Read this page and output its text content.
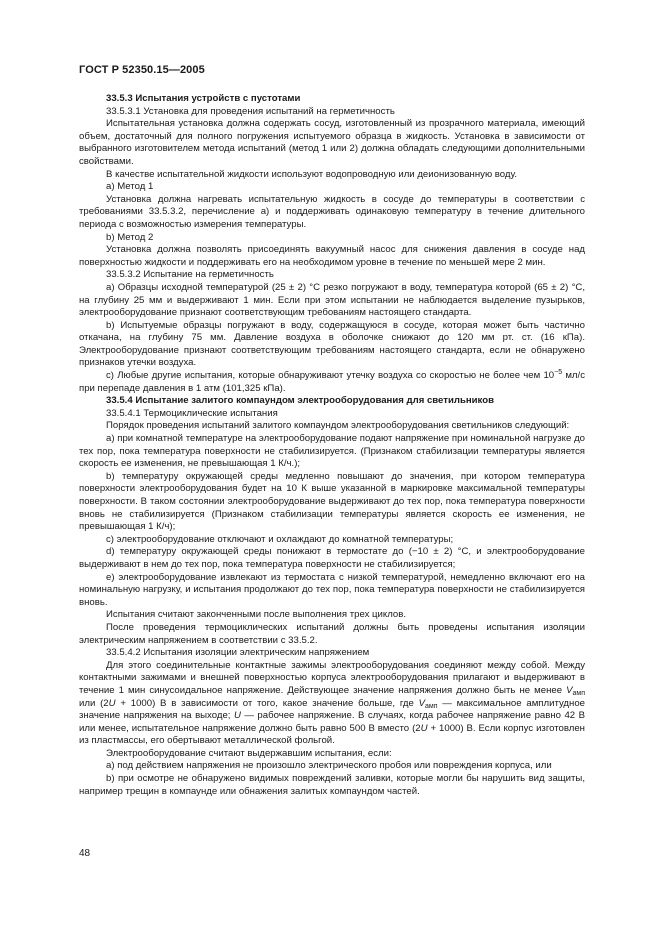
ГОСТ Р 52350.15—2005

33.5.3 Испытания устройств с пустотами

33.5.3.1 Установка для проведения испытаний на герметичность

Испытательная установка должна содержать сосуд, изготовленный из прозрачного материала, имеющий объем, достаточный для полного погружения испытуемого образца в жидкость. Установка в зависимости от выбранного изготовителем метода испытаний (метод 1 или 2) должна обладать следующими дополнительными свойствами.

В качестве испытательной жидкости используют водопроводную или деионизованную воду.

а) Метод 1

Установка должна нагревать испытательную жидкость в сосуде до температуры в соответствии с требованиями 33.5.3.2, перечисление а) и поддерживать одинаковую температуру в течение длительного периода с возможностью измерения температуры.

b) Метод 2

Установка должна позволять присоединять вакуумный насос для снижения давления в сосуде над поверхностью жидкости и поддерживать его на необходимом уровне в течение по меньшей мере 2 мин.

33.5.3.2 Испытание на герметичность

a) Образцы исходной температурой (25 ± 2) °С резко погружают в воду, температура которой (65 ± 2) °С, на глубину 25 мм и выдерживают 1 мин. Если при этом испытании не наблюдается выделение пузырьков, электрооборудование признают соответствующим требованиям настоящего стандарта.

b) Испытуемые образцы погружают в воду, содержащуюся в сосуде, которая может быть частично откачана, на глубину 75 мм. Давление воздуха в оболочке снижают до 120 мм рт. ст. (16 кПа). Электрооборудование признают соответствующим требованиям настоящего стандарта, если не обнаружено признаков утечки воздуха.

c) Любые другие испытания, которые обнаруживают утечку воздуха со скоростью не более чем $10^{-5}$ мл/с при перепаде давления в 1 атм (101,325 кПа).

33.5.4 Испытание залитого компаундом электрооборудования для светильников

33.5.4.1 Термоциклические испытания

Порядок проведения испытаний залитого компаундом электрооборудования светильников следующий:

а) при комнатной температуре на электрооборудование подают напряжение при номинальной нагрузке до тех пор, пока температура поверхности не стабилизируется. (Признаком стабилизации температуры является скорость ее изменения, не превышающая 1 К/ч.);

b) температуру окружающей среды медленно повышают до значения, при котором температура поверхности электрооборудования будет на 10 К выше указанной в маркировке максимальной температуры поверхности. В таком состоянии электрооборудование выдерживают до тех пор, пока температура поверхности вновь не стабилизируется (Признаком стабилизации температуры является скорость ее изменения, не превышающая 1 К/ч);

с) электрооборудование отключают и охлаждают до комнатной температуры;

d) температуру окружающей среды понижают в термостате до (−10 ± 2) °С, и электрооборудование выдерживают в нем до тех пор, пока температура поверхности не стабилизируется;

е) электрооборудование извлекают из термостата с низкой температурой, немедленно включают его на номинальную нагрузку, и испытания продолжают до тех пор, пока температура поверхности не стабилизируется вновь.

Испытания считают законченными после выполнения трех циклов.

После проведения термоциклических испытаний должны быть проведены испытания изоляции электрическим напряжением в соответствии с 33.5.2.

33.5.4.2 Испытания изоляции электрическим напряжением

Для этого соединительные контактные зажимы электрооборудования соединяют между собой. Между контактными зажимами и внешней поверхностью корпуса электрооборудования прилагают и выдерживают в течение 1 мин синусоидальное напряжение. Действующее значение напряжения должно быть не менее $V_{амп}$ или (2U + 1000) В в зависимости от того, какое значение больше, где $V_{амп}$ — максимальное амплитудное значение напряжения на выходе; U — рабочее напряжение. В случаях, когда рабочее напряжение равно 42 В или менее, испытательное напряжение должно быть равно 500 В вместо (2U + 1000) В. Если корпус изготовлен из пластмассы, его обертывают металлической фольгой.

Электрооборудование считают выдержавшим испытания, если:

а) под действием напряжения не произошло электрического пробоя или повреждения корпуса, или

b) при осмотре не обнаружено видимых повреждений заливки, которые могли бы нарушить вид защиты, например трещин в компаунде или обнажения залитых компаундом частей.

48
